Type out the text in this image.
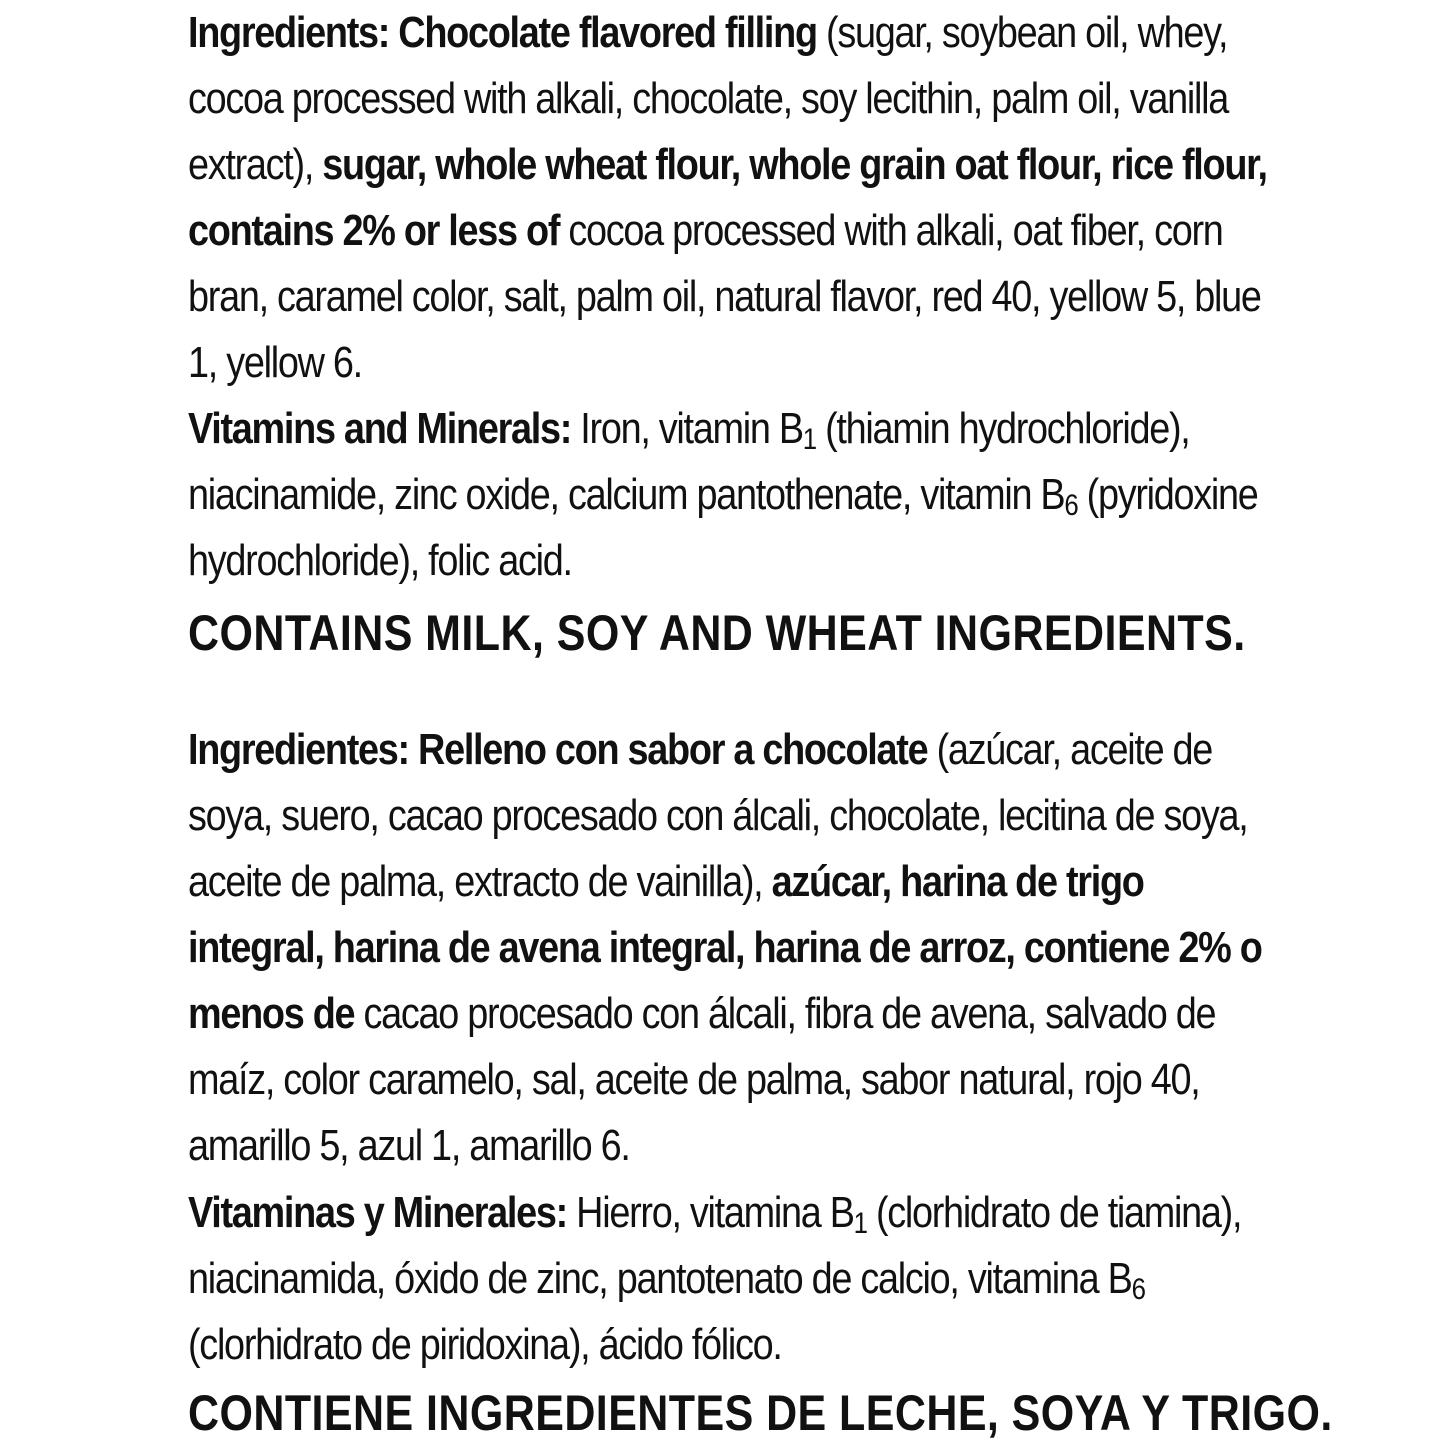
Ingredients: Chocolate flavored filling (sugar, soybean oil, whey, cocoa processed with alkali, chocolate, soy lecithin, palm oil, vanilla extract), sugar, whole wheat flour, whole grain oat flour, rice flour, contains 2% or less of cocoa processed with alkali, oat fiber, corn bran, caramel color, salt, palm oil, natural flavor, red 40, yellow 5, blue 1, yellow 6.

Vitamins and Minerals: Iron, vitamin $B_1$ (thiamin hydrochloride), niacinamide, zinc oxide, calcium pantothenate, vitamin $B_6$ (pyridoxine hydrochloride), folic acid.

CONTAINS MILK, SOY AND WHEAT INGREDIENTS.

Ingredientes: Relleno con sabor a chocolate (azúcar, aceite de soya, suero, cacao procesado con álcali, chocolate, lecitina de soya, aceite de palma, extracto de vainilla), azúcar, harina de trigo integral, harina de avena integral, harina de arroz, contiene 2% o menos de cacao procesado con álcali, fibra de avena, salvado de maíz, color caramelo, sal, aceite de palma, sabor natural, rojo 40, amarillo 5, azul 1, amarillo 6.

Vitaminas y Minerales: Hierro, vitamina $B_1$ (clorhidrato de tiamina), niacinamida, óxido de zinc, pantotenato de calcio, vitamina $B_6$ (clorhidrato de piridoxina), ácido fólico.

CONTIENE INGREDIENTES DE LECHE, SOYA Y TRIGO.
